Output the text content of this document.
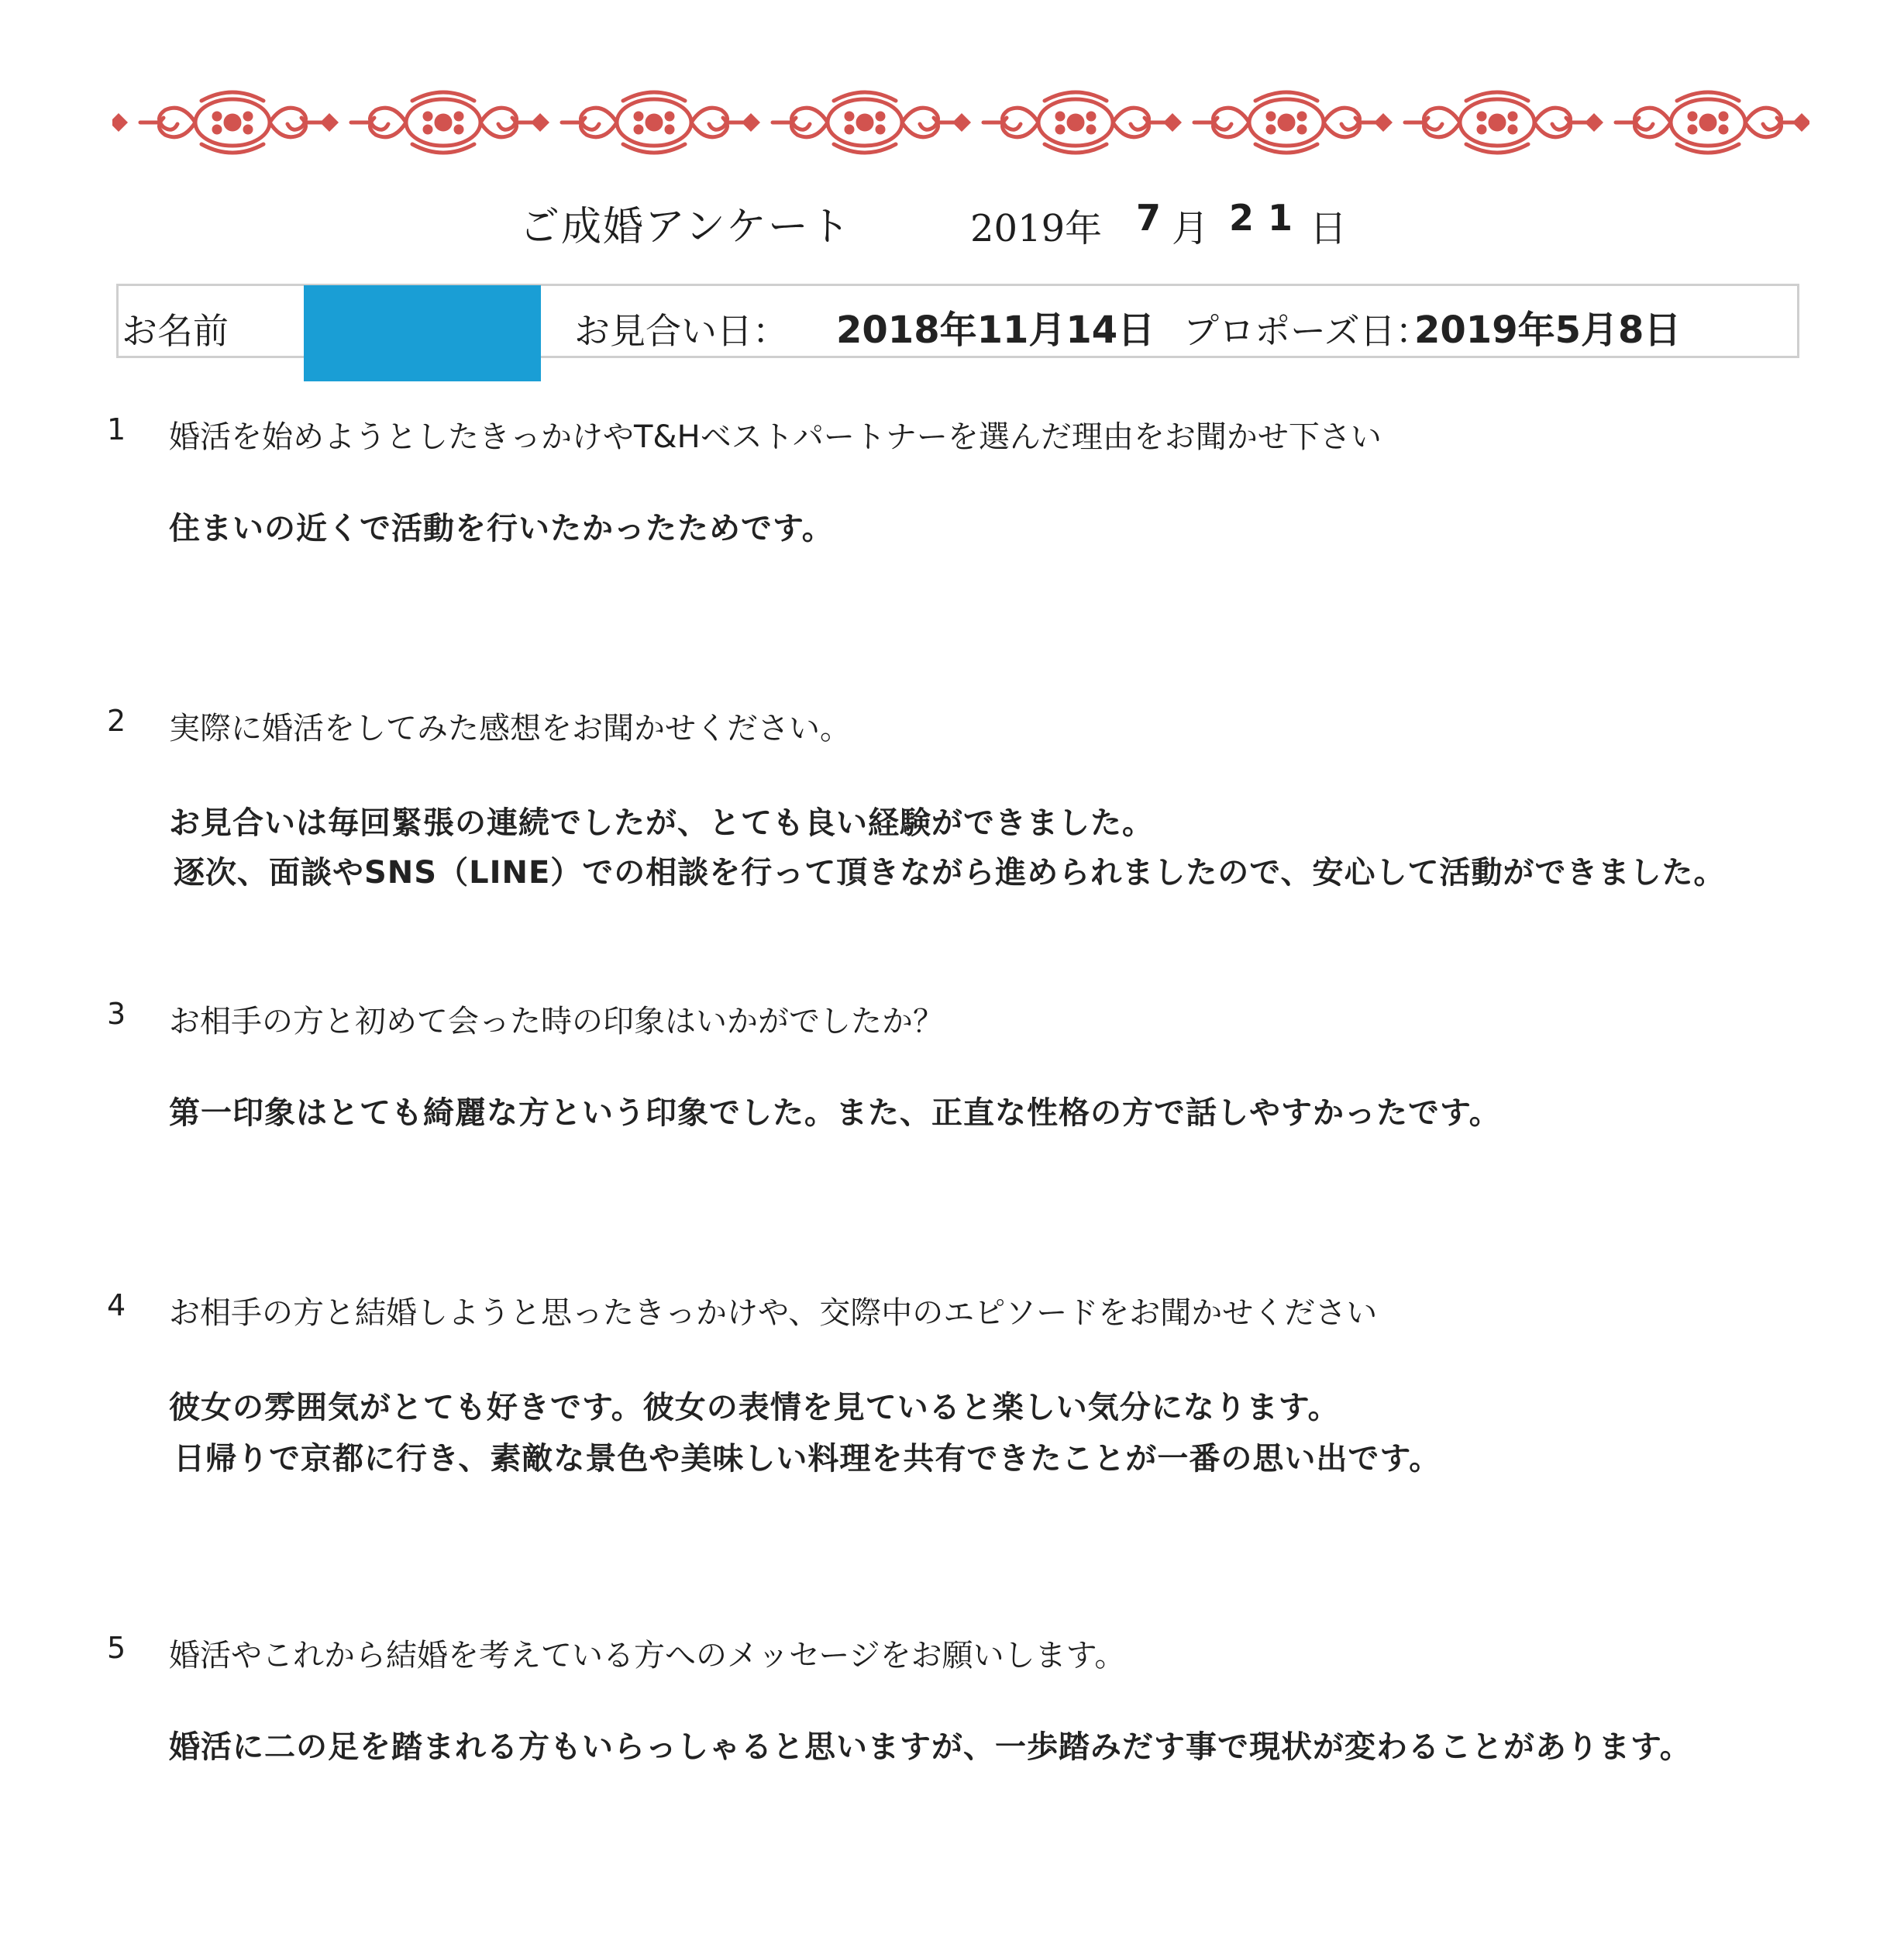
ご成婚アンケート	2019年 7 月 21 日
お名前	お見合い日： 2018年11月14日 プロポーズ日：
2019年5月8日
1 婚活を始めようとしたきっかけやT&Hベストパートナーを選んだ理由をお聞かせ下さい
住まいの近くで活動を行いたかったためです。
2 実際に婚活をしてみた感想をお聞かせください。
お見合いは毎回緊張の連続でしたが、とても良い経験ができました。
逐次、面談やSNS（LINE）での相談を行って頂きながら進められましたので、安心して活動ができました。
3 お相手の方と初めて会った時の印象はいかがでしたか？
第一印象はとても綺麗な方という印象でした。また、正直な性格の方で話しやすかったです。
4 お相手の方と結婚しようと思ったきっかけや、交際中のエピソードをお聞かせください
彼女の雰囲気がとても好きです。彼女の表情を見ていると楽しい気分になります。
日帰りで京都に行き、素敵な景色や美味しい料理を共有できたことが一番の思い出です。
5 婚活やこれから結婚を考えている方へのメッセージをお願いします。
婚活に二の足を踏まれる方もいらっしゃると思いますが、一歩踏みだす事で現状が変わることがあります。
